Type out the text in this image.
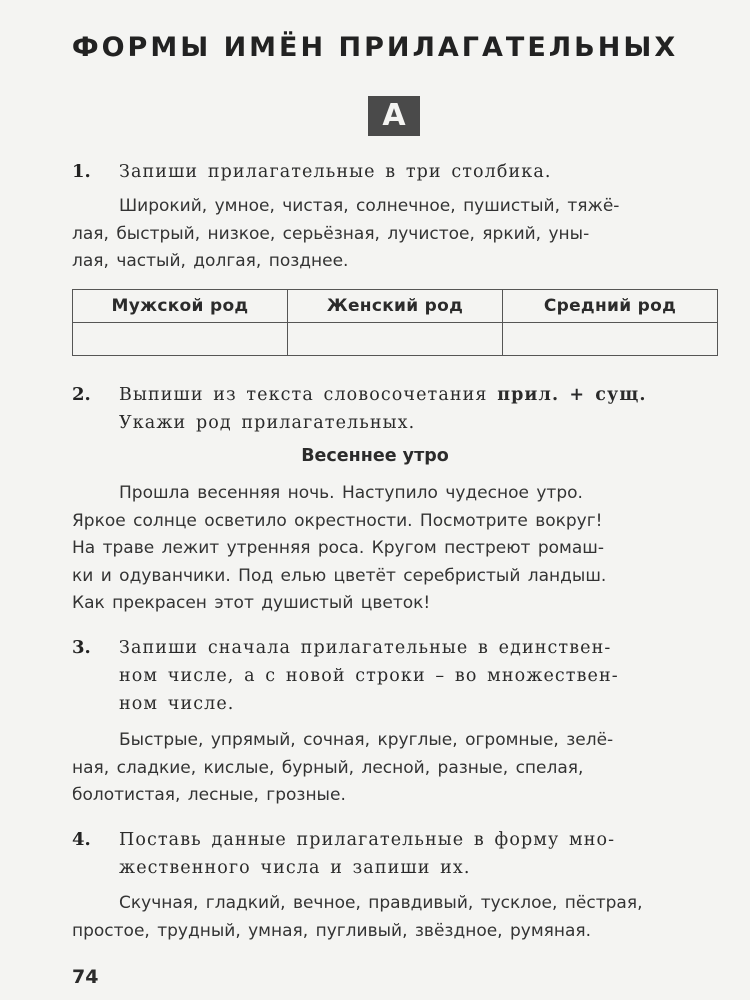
ФОРМЫ ИМЁН ПРИЛАГАТЕЛЬНЫХ
А
1. Запиши прилагательные в три столбика.
Широкий, умное, чистая, солнечное, пушистый, тяжё-
лая, быстрый, низкое, серьёзная, лучистое, яркий, уны-
лая, частый, долгая, позднее.
Мужской род	Женский род	Средний род

2. Выпиши из текста словосочетания прил. + сущ.
Укажи род прилагательных.
Весеннее утро
Прошла весенняя ночь. Наступило чудесное утро.
Яркое солнце осветило окрестности. Посмотрите вокруг!
На траве лежит утренняя роса. Кругом пестреют ромаш-
ки и одуванчики. Под елью цветёт серебристый ландыш.
Как прекрасен этот душистый цветок!
3. Запиши сначала прилагательные в единствен-
ном числе, а с новой строки – во множествен-
ном числе.
Быстрые, упрямый, сочная, круглые, огромные, зелё-
ная, сладкие, кислые, бурный, лесной, разные, спелая,
болотистая, лесные, грозные.
4. Поставь данные прилагательные в форму мно-
жественного числа и запиши их.
Скучная, гладкий, вечное, правдивый, тусклое, пёстрая,
простое, трудный, умная, пугливый, звёздное, румяная.
74
